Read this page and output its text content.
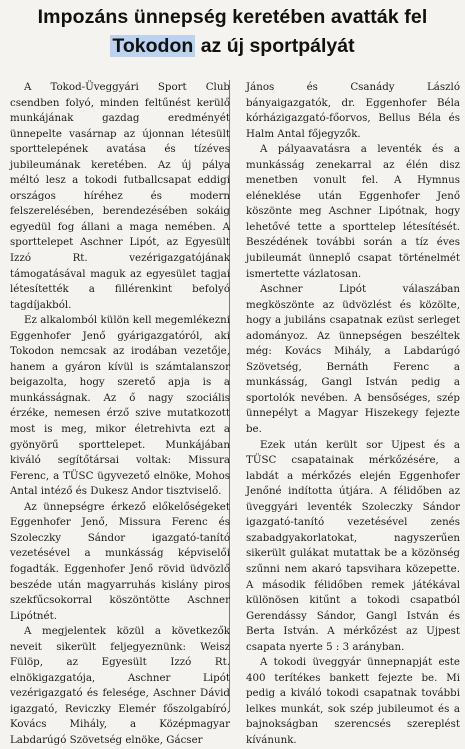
Impozáns ünnepség keretében avatták fel
Tokodon az új sportpályát

A Tokod-Üveggyári Sport Club csendben folyó, minden feltűnést kerülő munkájának gazdag eredményét ünnepelte vasárnap az újonnan létesült sporttelepének avatása és tízéves jubileumának keretében. Az új pálya méltó lesz a tokodi futballcsapat eddigi országos híréhez és modern felszerelésében, berendezésében sokáig egyedül fog állani a maga nemében. A sporttelepet Aschner Lipót, az Egyesült Izzó Rt. vezérigazgatójának támogatásával maguk az egyesület tagjai létesítették a fillérenkint befolyó tagdíjakból.

Ez alkalomból külön kell megemlékezni Eggenhofer Jenő gyárigazgatóról, aki Tokodon nemcsak az irodában vezetője, hanem a gyáron kívül is számtalanszor beigazolta, hogy szerető apja is a munkásságnak. Az ő nagy szociális érzéke, nemesen érző szive mutatkozott most is meg, mikor életrehivta ezt a gyönyörű sporttelepet. Munkájában kiváló segítőtársai voltak: Missura Ferenc, a TÜSC ügyvezető elnöke, Mohos Antal intéző és Dukesz Andor tisztviselő.

Az ünnepségre érkező előkelőségeket Eggenhofer Jenő, Missura Ferenc és Szoleczky Sándor igazgató-tanító vezetésével a munkásság képviselői fogadták. Eggenhofer Jenő rövid üdvözlő beszéde után magyarruhás kislány piros szekfűcsokorral köszöntötte Aschner Lipótnét.

A megjelentek közül a következők neveit sikerült feljegyeznünk: Weisz Fülöp, az Egyesült Izzó Rt. elnökigazgatója, Aschner Lipót vezérigazgató és felesége, Aschner Dávid igazgató, Reviczky Elemér főszolgabíró, Kovács Mihály, a Középmagyar Labdarúgó Szövetség elnöke, Gácser

János és Csanády László bányaigazgatók, dr. Eggenhofer Béla kórházigazgató-főorvos, Bellus Béla és Halm Antal főjegyzők.

A pályaavatásra a leventék és a munkásság zenekarral az élén disz menetben vonult fel. A Hymnus eléneklése után Eggenhofer Jenő köszönte meg Aschner Lipótnak, hogy lehetővé tette a sporttelep létesítését. Beszédének további során a tíz éves jubileumát ünneplő csapat történelmét ismertette vázlatosan.

Aschner Lipót válaszában megköszönte az üdvözlést és közölte, hogy a jubiláns csapatnak ezüst serleget adományoz. Az ünnepségen beszéltek még: Kovács Mihály, a Labdarúgó Szövetség, Bernáth Ferenc a munkásság, Gangl István pedig a sportolók nevében. A bensőséges, szép ünnepélyt a Magyar Hiszekegy fejezte be.

Ezek után került sor Ujpest és a TÜSC csapatainak mérkőzésére, a labdát a mérkőzés elején Eggenhofer Jenőné indította útjára. A félidőben az üveggyári leventék Szoleczky Sándor igazgató-tanító vezetésével zenés szabadgyakorlatokat, nagyszerűen sikerült gulákat mutattak be a közönség szűnni nem akaró tapsvihara közepette. A második félidőben remek játékával különösen kitűnt a tokodi csapatból Gerendássy Sándor, Gangl István és Berta István. A mérkőzést az Ujpest csapata nyerte 5 : 3 arányban.

A tokodi üveggyár ünnepnapját este 400 terítékes bankett fejezte be. Mi pedig a kiváló tokodi csapatnak további lelkes munkát, sok szép jubileumot és a bajnokságban szerencsés szereplést kívánunk.
